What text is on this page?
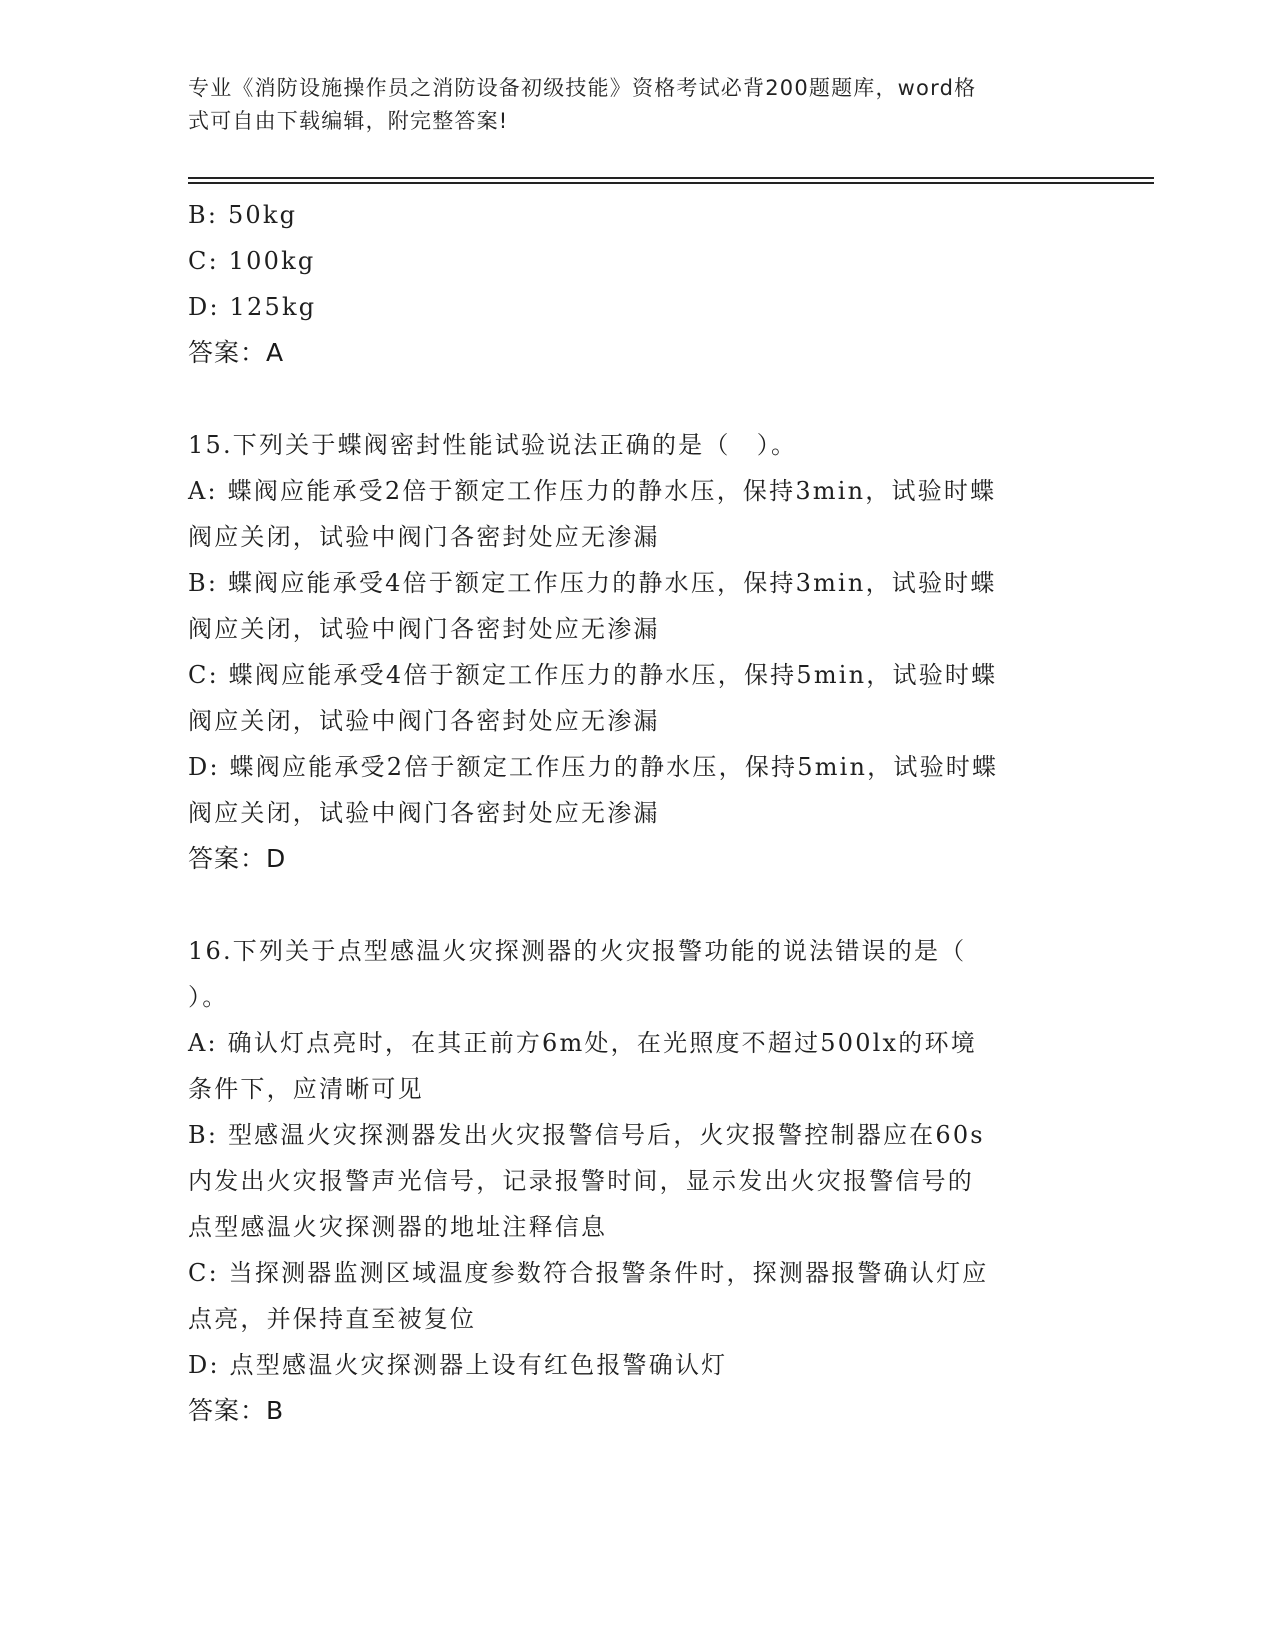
专业《消防设施操作员之消防设备初级技能》资格考试必背200题题库，word格
式可自由下载编辑，附完整答案!
B: 50kg
C: 100kg
D: 125kg
答案：A
15.下列关于蝶阀密封性能试验说法正确的是（　）。
A: 蝶阀应能承受2倍于额定工作压力的静水压，保持3min，试验时蝶
阀应关闭，试验中阀门各密封处应无渗漏
B: 蝶阀应能承受4倍于额定工作压力的静水压，保持3min，试验时蝶
阀应关闭，试验中阀门各密封处应无渗漏
C: 蝶阀应能承受4倍于额定工作压力的静水压，保持5min，试验时蝶
阀应关闭，试验中阀门各密封处应无渗漏
D: 蝶阀应能承受2倍于额定工作压力的静水压，保持5min，试验时蝶
阀应关闭，试验中阀门各密封处应无渗漏
答案：D
16.下列关于点型感温火灾探测器的火灾报警功能的说法错误的是（
）。
A: 确认灯点亮时，在其正前方6m处，在光照度不超过500lx的环境
条件下，应清晰可见
B: 型感温火灾探测器发出火灾报警信号后，火灾报警控制器应在60s
内发出火灾报警声光信号，记录报警时间，显示发出火灾报警信号的
点型感温火灾探测器的地址注释信息
C: 当探测器监测区域温度参数符合报警条件时，探测器报警确认灯应
点亮，并保持直至被复位
D: 点型感温火灾探测器上设有红色报警确认灯
答案：B
